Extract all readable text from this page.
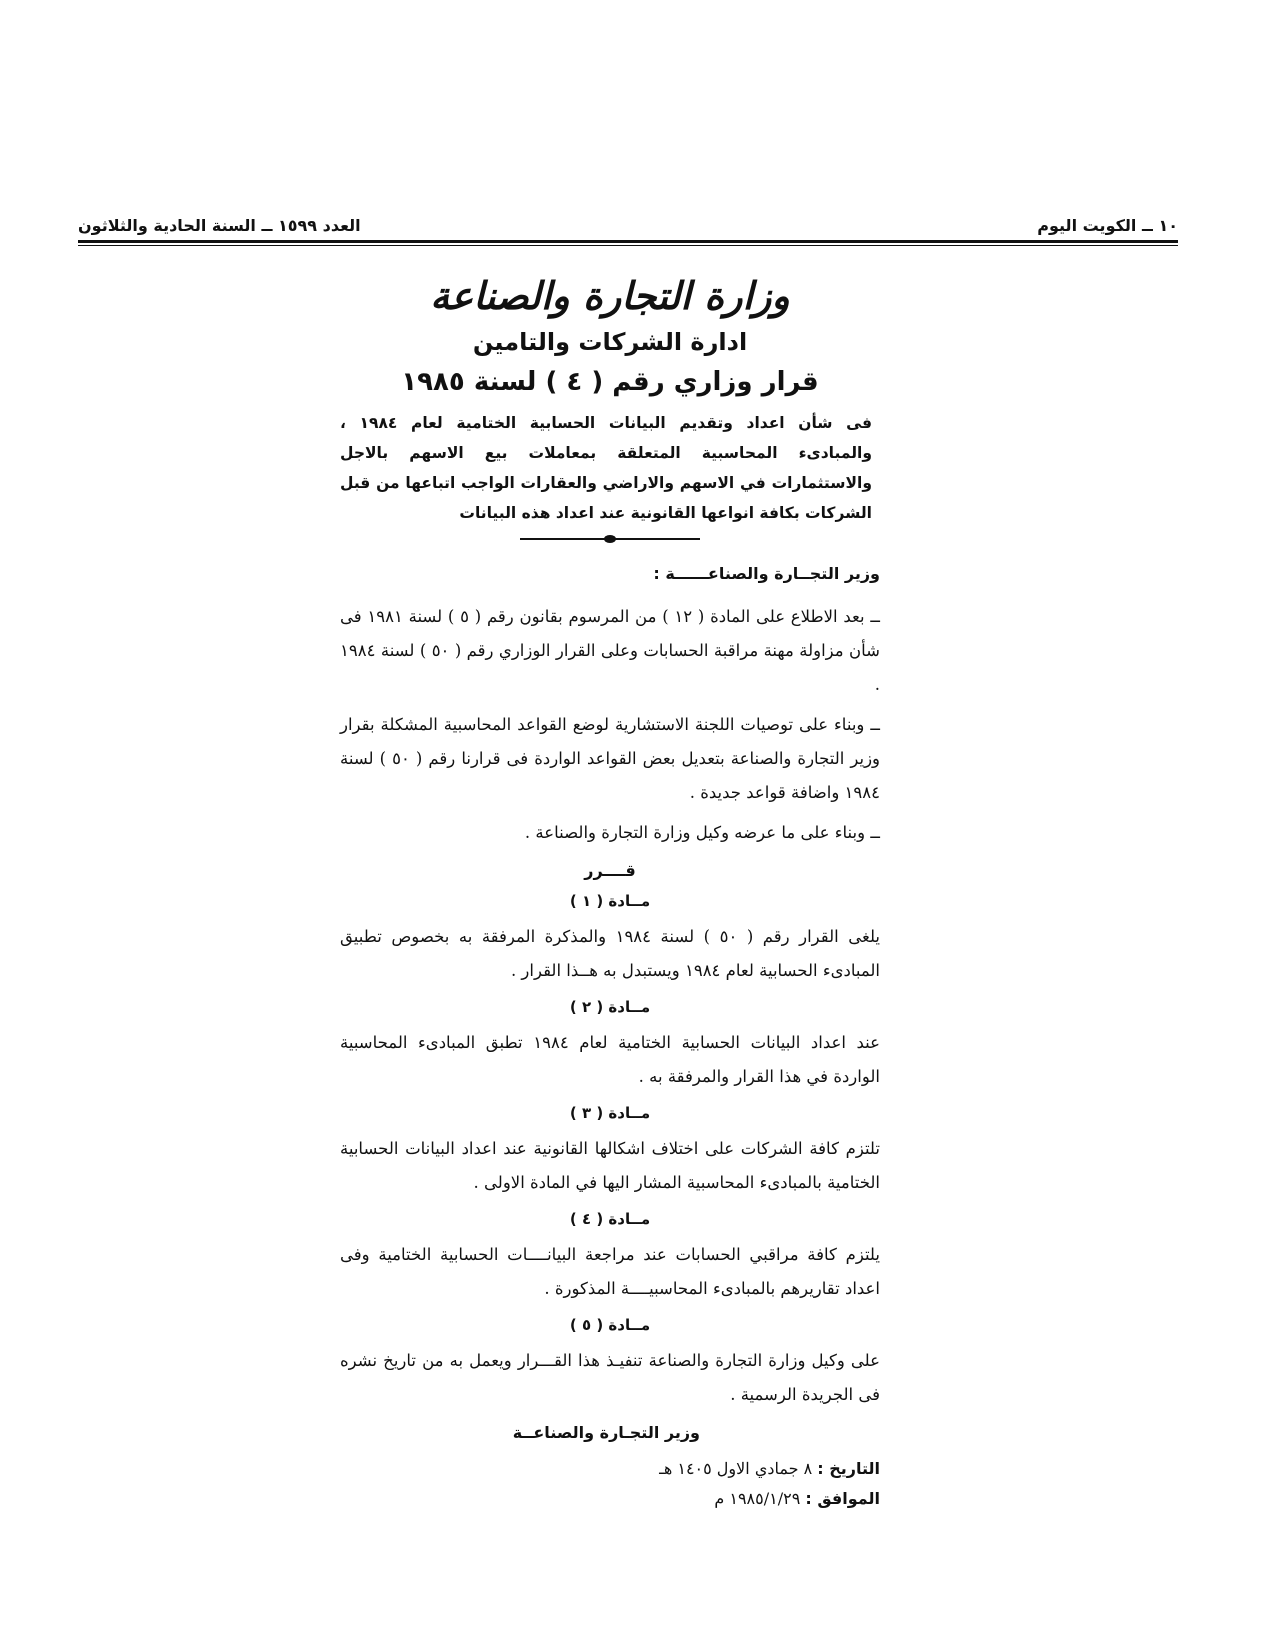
١٠ ــ الكويت اليوم
العدد ١٥٩٩ ــ السنة الحادية والثلاثون
وزارة التجارة والصناعة
ادارة الشركات والتامين
قرار وزاري رقم ( ٤ ) لسنة ١٩٨٥
فى شأن اعداد وتقديم البيانات الحسابية الختامية لعام ١٩٨٤ ، والمبادىء المحاسبية المتعلقة بمعاملات بيع الاسهم بالاجل والاستثمارات في الاسهم والاراضي والعقارات الواجب اتباعها من قبل الشركات بكافة انواعها القانونية عند اعداد هذه البيانات
وزير التجــارة والصناعــــــة :

ــ بعد الاطلاع على المادة ( ١٢ ) من المرسوم بقانون رقم ( ٥ ) لسنة ١٩٨١ فى شأن مزاولة مهنة مراقبة الحسابات وعلى القرار الوزاري رقم ( ٥٠ ) لسنة ١٩٨٤ .

ــ وبناء على توصيات اللجنة الاستشارية لوضع القواعد المحاسبية المشكلة بقرار وزير التجارة والصناعة بتعديل بعض القواعد الواردة فى قرارنا رقم ( ٥٠ ) لسنة ١٩٨٤ واضافة قواعد جديدة .

ــ وبناء على ما عرضه وكيل وزارة التجارة والصناعة .

قــــرر
مــادة ( ١ )

يلغى القرار رقم ( ٥٠ ) لسنة ١٩٨٤ والمذكرة المرفقة به بخصوص تطبيق المبادىء الحسابية لعام ١٩٨٤ ويستبدل به هــذا القرار .

مــادة ( ٢ )

عند اعداد البيانات الحسابية الختامية لعام ١٩٨٤ تطبق المبادىء المحاسبية الواردة في هذا القرار والمرفقة به .

مــادة ( ٣ )

تلتزم كافة الشركات على اختلاف اشكالها القانونية عند اعداد البيانات الحسابية الختامية بالمبادىء المحاسبية المشار اليها في المادة الاولى .

مــادة ( ٤ )

يلتزم كافة مراقبي الحسابات عند مراجعة البيانــــات الحسابية الختامية وفى اعداد تقاريرهم بالمبادىء المحاسبيــــة المذكورة .

مــادة ( ٥ )

على وكيل وزارة التجارة والصناعة تنفيـذ هذا القـــرار ويعمل به من تاريخ نشره فى الجريدة الرسمية .

وزير التجـارة والصناعــة

التاريخ : ٨ جمادي الاول ١٤٠٥ هـ

الموافق : ١٩٨٥/١/٢٩ م
